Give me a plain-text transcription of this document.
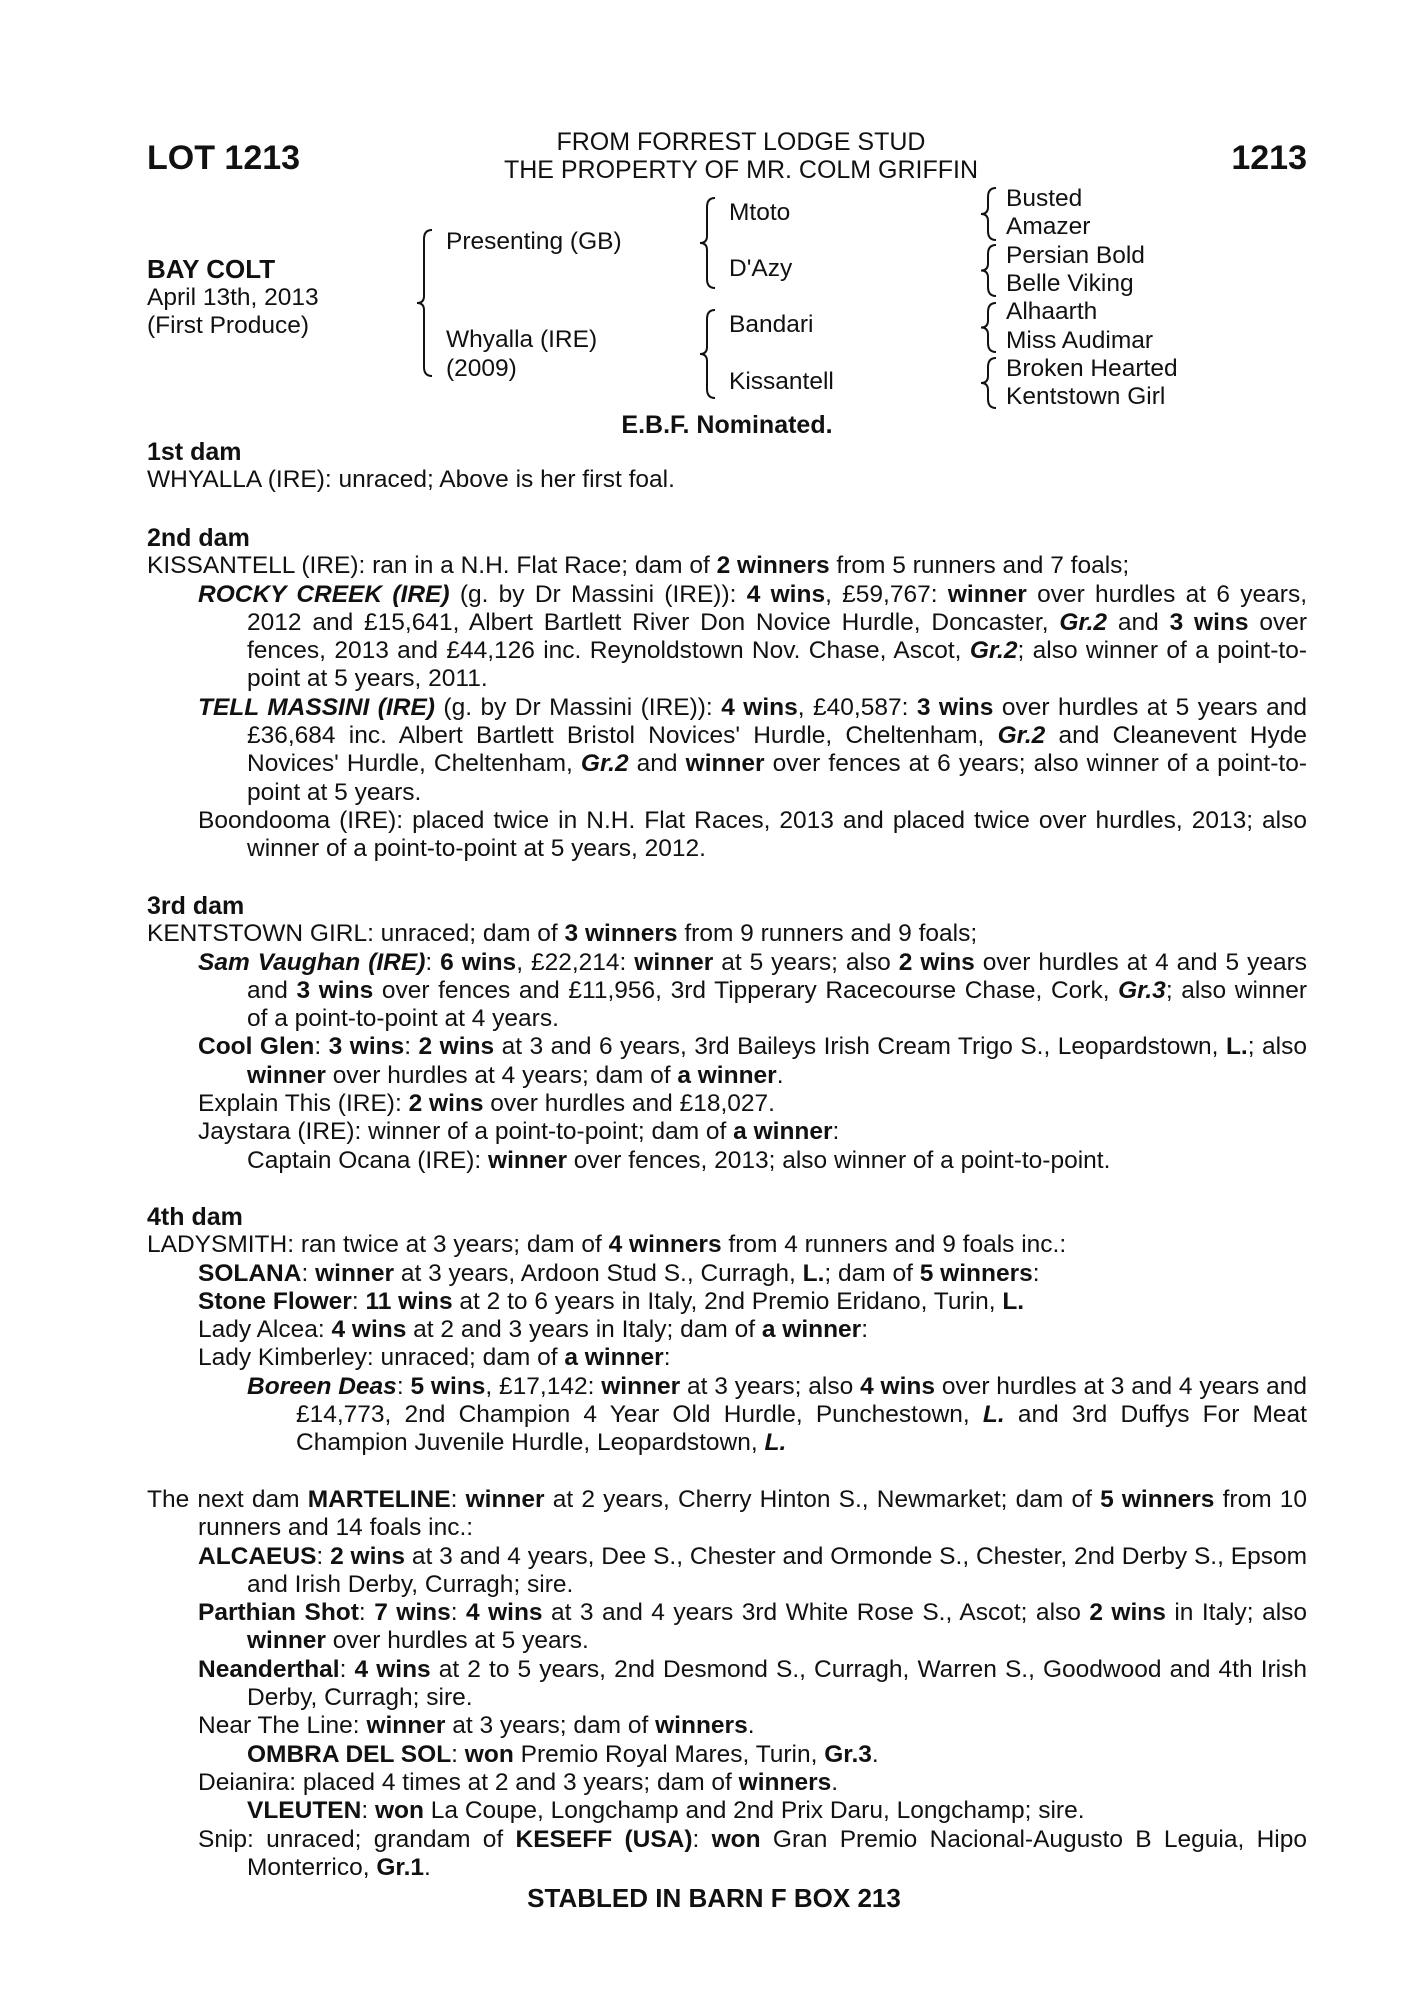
LOT 1213	FROM FORREST LODGE STUD
THE PROPERTY OF MR. COLM GRIFFIN	1213
BAY COLT
April 13th, 2013
(First Produce)
Presenting (GB)
Whyalla (IRE)
(2009)
Mtoto
D'Azy
Bandari
Kissantell
Busted
Amazer
Persian Bold
Belle Viking
Alhaarth
Miss Audimar
Broken Hearted
Kentstown Girl
E.B.F. Nominated.
1st dam

WHYALLA (IRE): unraced; Above is her first foal.

2nd dam

KISSANTELL (IRE): ran in a N.H. Flat Race; dam of 2 winners from 5 runners and 7 foals;

ROCKY CREEK (IRE) (g. by Dr Massini (IRE)): 4 wins, £59,767: winner over hurdles at 6 years, 2012 and £15,641, Albert Bartlett River Don Novice Hurdle, Doncaster, Gr.2 and 3 wins over fences, 2013 and £44,126 inc. Reynoldstown Nov. Chase, Ascot, Gr.2; also winner of a point-to-point at 5 years, 2011.

TELL MASSINI (IRE) (g. by Dr Massini (IRE)): 4 wins, £40,587: 3 wins over hurdles at 5 years and £36,684 inc. Albert Bartlett Bristol Novices' Hurdle, Cheltenham, Gr.2 and Cleanevent Hyde Novices' Hurdle, Cheltenham, Gr.2 and winner over fences at 6 years; also winner of a point-to-point at 5 years.

Boondooma (IRE): placed twice in N.H. Flat Races, 2013 and placed twice over hurdles, 2013; also winner of a point-to-point at 5 years, 2012.

3rd dam

KENTSTOWN GIRL: unraced; dam of 3 winners from 9 runners and 9 foals;

Sam Vaughan (IRE): 6 wins, £22,214: winner at 5 years; also 2 wins over hurdles at 4 and 5 years and 3 wins over fences and £11,956, 3rd Tipperary Racecourse Chase, Cork, Gr.3; also winner of a point-to-point at 4 years.

Cool Glen: 3 wins: 2 wins at 3 and 6 years, 3rd Baileys Irish Cream Trigo S., Leopardstown, L.; also winner over hurdles at 4 years; dam of a winner.

Explain This (IRE): 2 wins over hurdles and £18,027.

Jaystara (IRE): winner of a point-to-point; dam of a winner:

Captain Ocana (IRE): winner over fences, 2013; also winner of a point-to-point.

4th dam

LADYSMITH: ran twice at 3 years; dam of 4 winners from 4 runners and 9 foals inc.:

SOLANA: winner at 3 years, Ardoon Stud S., Curragh, L.; dam of 5 winners:

Stone Flower: 11 wins at 2 to 6 years in Italy, 2nd Premio Eridano, Turin, L.

Lady Alcea: 4 wins at 2 and 3 years in Italy; dam of a winner:

Lady Kimberley: unraced; dam of a winner:

Boreen Deas: 5 wins, £17,142: winner at 3 years; also 4 wins over hurdles at 3 and 4 years and £14,773, 2nd Champion 4 Year Old Hurdle, Punchestown, L. and 3rd Duffys For Meat Champion Juvenile Hurdle, Leopardstown, L.

The next dam MARTELINE: winner at 2 years, Cherry Hinton S., Newmarket; dam of 5 winners from 10 runners and 14 foals inc.:

ALCAEUS: 2 wins at 3 and 4 years, Dee S., Chester and Ormonde S., Chester, 2nd Derby S., Epsom and Irish Derby, Curragh; sire.

Parthian Shot: 7 wins: 4 wins at 3 and 4 years 3rd White Rose S., Ascot; also 2 wins in Italy; also winner over hurdles at 5 years.

Neanderthal: 4 wins at 2 to 5 years, 2nd Desmond S., Curragh, Warren S., Goodwood and 4th Irish Derby, Curragh; sire.

Near The Line: winner at 3 years; dam of winners.

OMBRA DEL SOL: won Premio Royal Mares, Turin, Gr.3.

Deianira: placed 4 times at 2 and 3 years; dam of winners.

VLEUTEN: won La Coupe, Longchamp and 2nd Prix Daru, Longchamp; sire.

Snip: unraced; grandam of KESEFF (USA): won Gran Premio Nacional-Augusto B Leguia, Hipo Monterrico, Gr.1.

STABLED IN BARN F BOX 213
